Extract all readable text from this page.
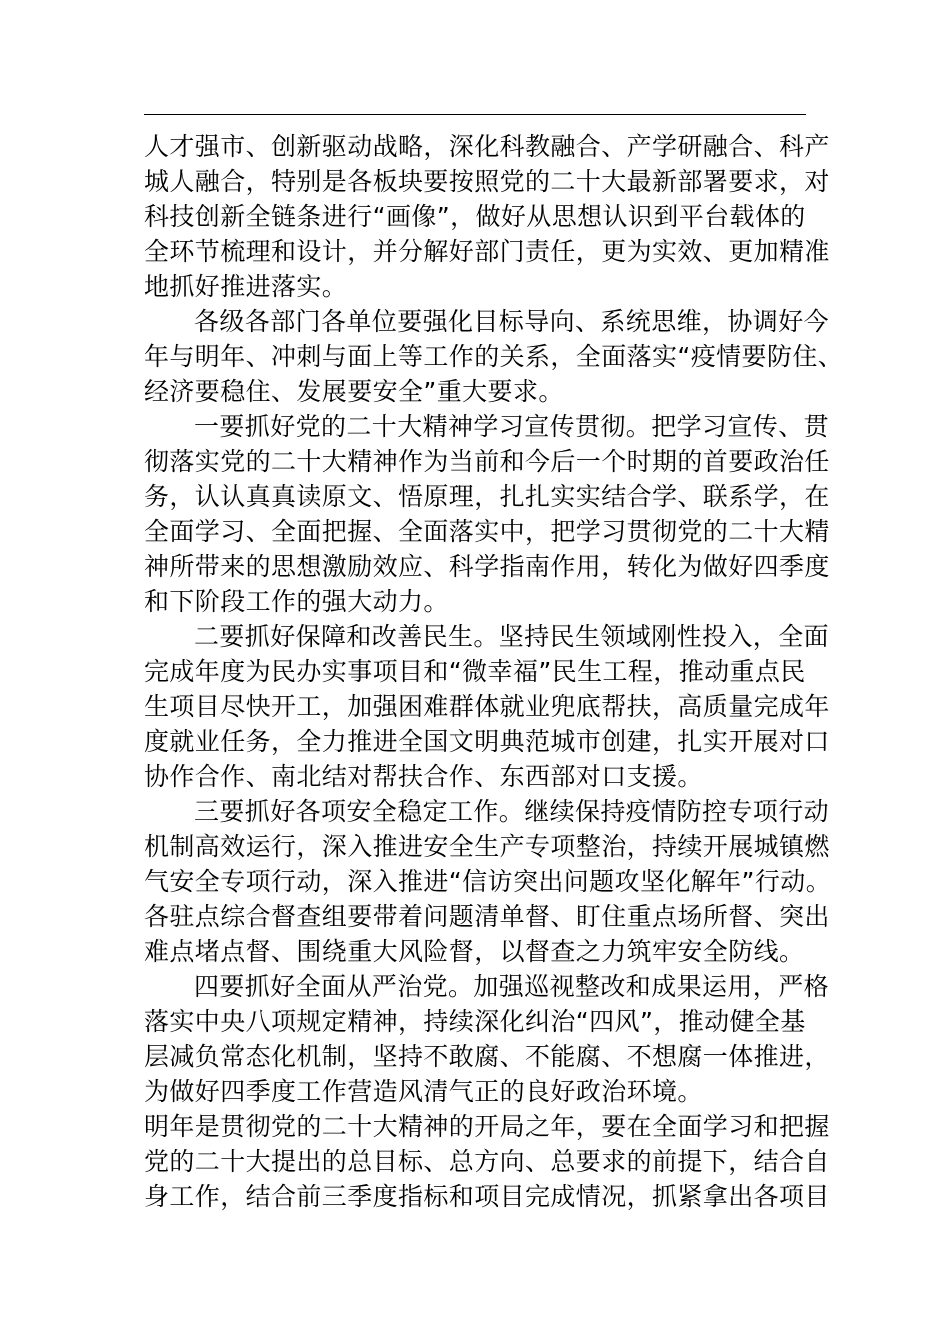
人才强市、创新驱动战略，深化科教融合、产学研融合、科产
城人融合，特别是各板块要按照党的二十大最新部署要求，对
科技创新全链条进行“画像”，做好从思想认识到平台载体的
全环节梳理和设计，并分解好部门责任，更为实效、更加精准
地抓好推进落实。
各级各部门各单位要强化目标导向、系统思维，协调好今
年与明年、冲刺与面上等工作的关系，全面落实“疫情要防住、
经济要稳住、发展要安全”重大要求。
一要抓好党的二十大精神学习宣传贯彻。把学习宣传、贯
彻落实党的二十大精神作为当前和今后一个时期的首要政治任
务，认认真真读原文、悟原理，扎扎实实结合学、联系学，在
全面学习、全面把握、全面落实中，把学习贯彻党的二十大精
神所带来的思想激励效应、科学指南作用，转化为做好四季度
和下阶段工作的强大动力。
二要抓好保障和改善民生。坚持民生领域刚性投入，全面
完成年度为民办实事项目和“微幸福”民生工程，推动重点民
生项目尽快开工，加强困难群体就业兜底帮扶，高质量完成年
度就业任务，全力推进全国文明典范城市创建，扎实开展对口
协作合作、南北结对帮扶合作、东西部对口支援。
三要抓好各项安全稳定工作。继续保持疫情防控专项行动
机制高效运行，深入推进安全生产专项整治，持续开展城镇燃
气安全专项行动，深入推进“信访突出问题攻坚化解年”行动。
各驻点综合督查组要带着问题清单督、盯住重点场所督、突出
难点堵点督、围绕重大风险督，以督查之力筑牢安全防线。
四要抓好全面从严治党。加强巡视整改和成果运用，严格
落实中央八项规定精神，持续深化纠治“四风”，推动健全基
层减负常态化机制，坚持不敢腐、不能腐、不想腐一体推进，
为做好四季度工作营造风清气正的良好政治环境。
明年是贯彻党的二十大精神的开局之年，要在全面学习和把握
党的二十大提出的总目标、总方向、总要求的前提下，结合自
身工作，结合前三季度指标和项目完成情况，抓紧拿出各项目
